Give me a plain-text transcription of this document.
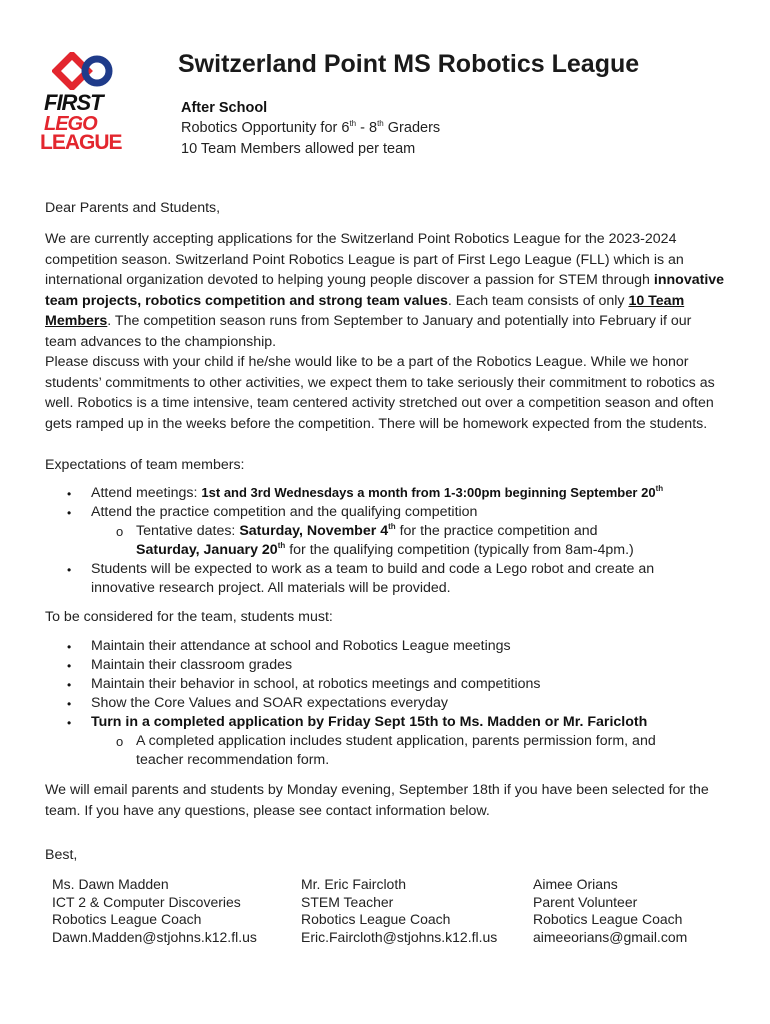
FIRST
LEGO
LEAGUE
Switzerland Point MS Robotics League
After School
Robotics Opportunity for 6th - 8th Graders
10 Team Members allowed per team
Dear Parents and Students,
We are currently accepting applications for the Switzerland Point Robotics League for the 2023-2024 competition season. Switzerland Point Robotics League is part of First Lego League (FLL) which is an international organization devoted to helping young people discover a passion for STEM through innovative team projects, robotics competition and strong team values. Each team consists of only 10 Team Members. The competition season runs from September to January and potentially into February if our team advances to the championship.
Please discuss with your child if he/she would like to be a part of the Robotics League. While we honor students’ commitments to other activities, we expect them to take seriously their commitment to robotics as well. Robotics is a time intensive, team centered activity stretched out over a competition season and often gets ramped up in the weeks before the competition. There will be homework expected from the students.
Expectations of team members:
• Attend meetings: 1st and 3rd Wednesdays a month from 1-3:00pm beginning September 20th
• Attend the practice competition and the qualifying competition
o Tentative dates: Saturday, November 4th for the practice competition and
Saturday, January 20th for the qualifying competition (typically from 8am-4pm.)
• Students will be expected to work as a team to build and code a Lego robot and create an
innovative research project. All materials will be provided.
To be considered for the team, students must:
• Maintain their attendance at school and Robotics League meetings
• Maintain their classroom grades
• Maintain their behavior in school, at robotics meetings and competitions
• Show the Core Values and SOAR expectations everyday
• Turn in a completed application by Friday Sept 15th to Ms. Madden or Mr. Faricloth
o A completed application includes student application, parents permission form, and
teacher recommendation form.
We will email parents and students by Monday evening, September 18th if you have been selected for the team. If you have any questions, please see contact information below.
Best,
Ms. Dawn Madden
ICT 2 & Computer Discoveries
Robotics League Coach
Dawn.Madden@stjohns.k12.fl.us
Mr. Eric Faircloth
STEM Teacher
Robotics League Coach
Eric.Faircloth@stjohns.k12.fl.us
Aimee Orians
Parent Volunteer
Robotics League Coach
aimeeorians@gmail.com
